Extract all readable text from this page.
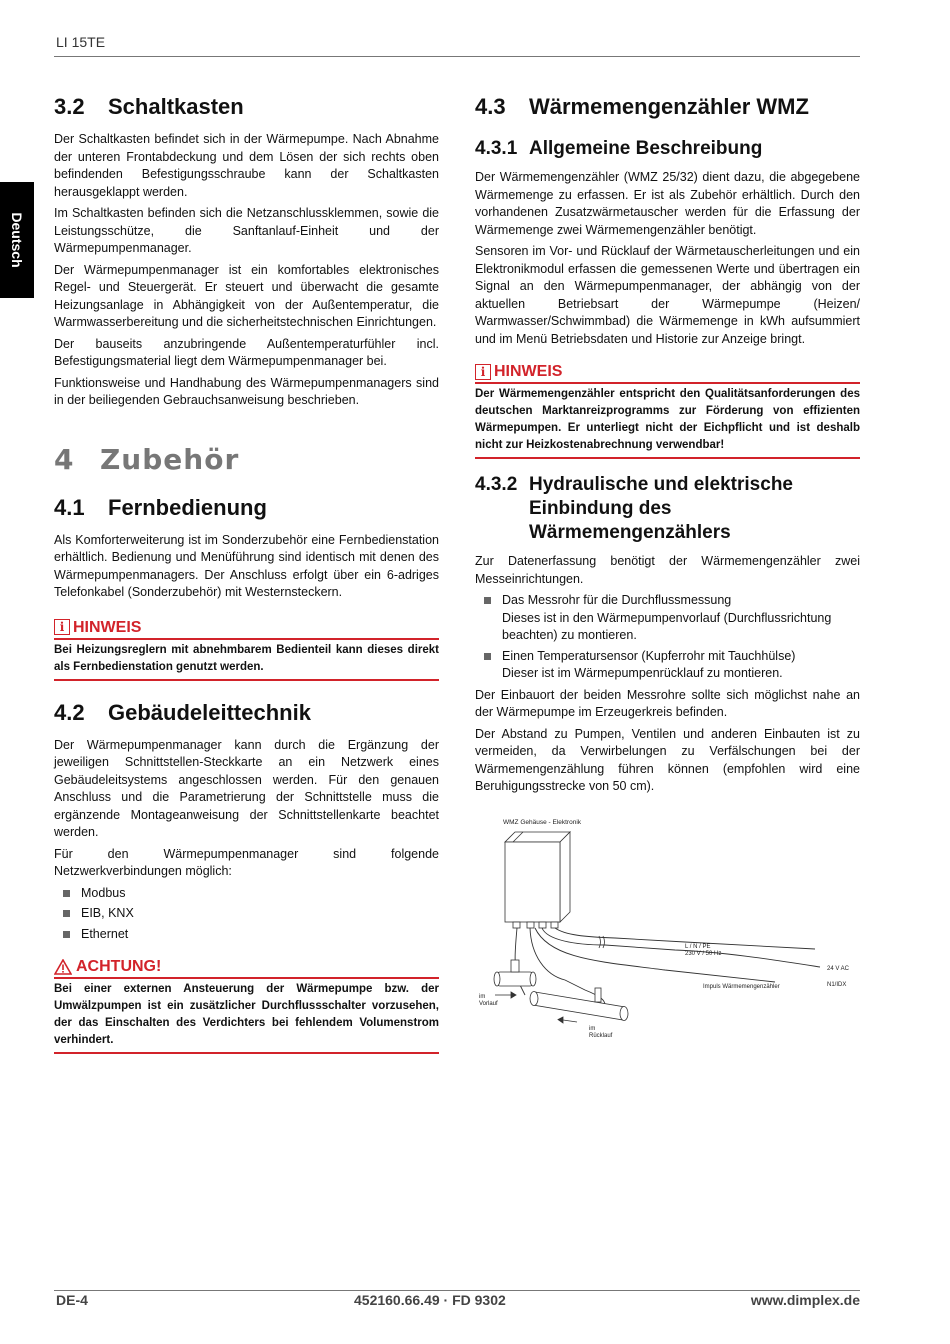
LI 15TE
Deutsch
3.2	Schaltkasten

Der Schaltkasten befindet sich in der Wärmepumpe. Nach Abnahme der unteren Frontabdeckung und dem Lösen der sich rechts oben befindenden Befestigungsschraube kann der Schaltkasten herausgeklappt werden.

Im Schaltkasten befinden sich die Netzanschlussklemmen, sowie die Leistungsschütze, die Sanftanlauf-Einheit und der Wärmepumpenmanager.

Der Wärmepumpenmanager ist ein komfortables elektronisches Regel- und Steuergerät. Er steuert und überwacht die gesamte Heizungsanlage in Abhängigkeit von der Außentemperatur, die Warmwasserbereitung und die sicherheitstechnischen Einrichtungen.

Der bauseits anzubringende Außentemperaturfühler incl. Befestigungsmaterial liegt dem Wärmepumpenmanager bei.

Funktionsweise und Handhabung des Wärmepumpenmanagers sind in der beiliegenden Gebrauchsanweisung beschrieben.

4 Zubehör
4.1	Fernbedienung

Als Komforterweiterung ist im Sonderzubehör eine Fernbedienstation erhältlich. Bedienung und Menüführung sind identisch mit denen des Wärmepumpenmanagers. Der Anschluss erfolgt über ein 6-adriges Telefonkabel (Sonderzubehör) mit Westernsteckern.

i HINWEIS
Bei Heizungsreglern mit abnehmbarem Bedienteil kann dieses direkt als Fernbedienstation genutzt werden.
4.2	Gebäudeleittechnik

Der Wärmepumpenmanager kann durch die Ergänzung der jeweiligen Schnittstellen-Steckkarte an ein Netzwerk eines Gebäudeleitsystems angeschlossen werden. Für den genauen Anschluss und die Parametrierung der Schnittstelle muss die ergänzende Montageanweisung der Schnittstellenkarte beachtet werden.

Für den Wärmepumpenmanager sind folgende Netzwerkverbindungen möglich:

Modbus
EIB, KNX
Ethernet
ACHTUNG!
Bei einer externen Ansteuerung der Wärmepumpe bzw. der Umwälzpumpen ist ein zusätzlicher Durchflussschalter vorzusehen, der das Einschalten des Verdichters bei fehlendem Volumenstrom verhindert.
4.3	Wärmemengenzähler WMZ
4.3.1 Allgemeine Beschreibung

Der Wärmemengenzähler (WMZ 25/32) dient dazu, die abgegebene Wärmemenge zu erfassen. Er ist als Zubehör erhältlich. Durch den vorhandenen Zusatzwärmetauscher werden für die Erfassung der Wärmemenge zwei Wärmemengenzähler benötigt.

Sensoren im Vor- und Rücklauf der Wärmetauscherleitungen und ein Elektronikmodul erfassen die gemessenen Werte und übertragen ein Signal an den Wärmepumpenmanager, der abhängig von der aktuellen Betriebsart der Wärmepumpe (Heizen/ Warmwasser/Schwimmbad) die Wärmemenge in kWh aufsummiert und im Menü Betriebsdaten und Historie zur Anzeige bringt.

i HINWEIS
Der Wärmemengenzähler entspricht den Qualitätsanforderungen des deutschen Marktanreizprogramms zur Förderung von effizienten Wärmepumpen. Er unterliegt nicht der Eichpflicht und ist deshalb nicht zur Heizkostenabrechnung verwendbar!
4.3.2 Hydraulische und elektrische
Einbindung des
Wärmemengenzählers

Zur Datenerfassung benötigt der Wärmemengenzähler zwei Messeinrichtungen.

Das Messrohr für die Durchflussmessung
Dieses ist in den Wärmepumpenvorlauf (Durchflussrichtung beachten) zu montieren.
Einen Temperatursensor (Kupferrohr mit Tauchhülse)
Dieser ist im Wärmepumpenrücklauf zu montieren.

Der Einbauort der beiden Messrohre sollte sich möglichst nahe an der Wärmepumpe im Erzeugerkreis befinden.

Der Abstand zu Pumpen, Ventilen und anderen Einbauten ist zu vermeiden, da Verwirbelungen zu Verfälschungen bei der Wärmemengenzählung führen können (empfohlen wird eine Beruhigungsstrecke von 50 cm).

WMZ Gehäuse - Elektronik
L / N / PE
230 V / 50 Hz
24 V AC
N1/IDX
Impuls Wärmemengenzähler
im
Vorlauf
im
Rücklauf
DE-4	452160.66.49 · FD 9302	www.dimplex.de
